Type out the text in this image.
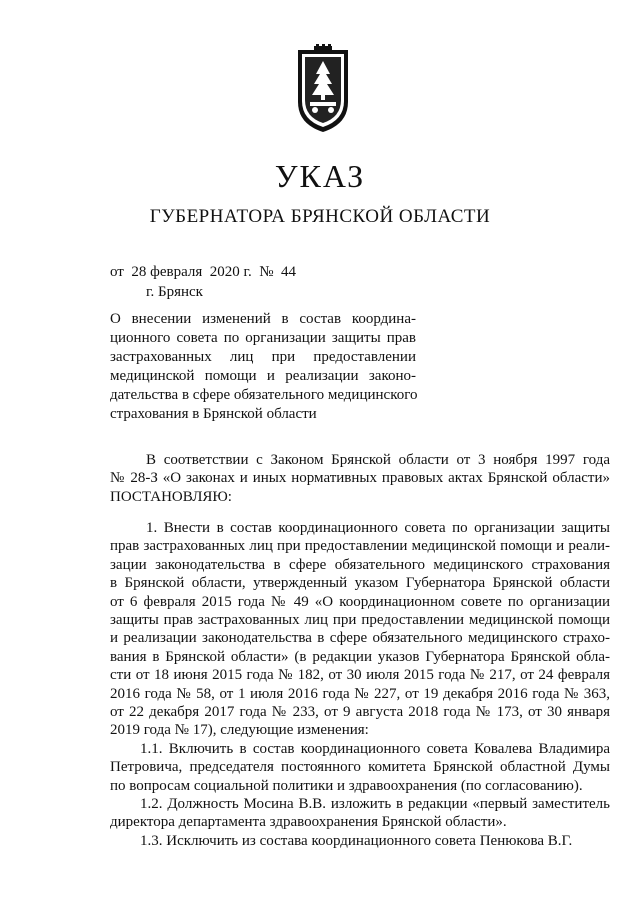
УКАЗ
ГУБЕРНАТОРА БРЯНСКОЙ ОБЛАСТИ
от 28 февраля  2020 г. № 44
г. Брянск
О внесении изменений в состав координа-
ционного совета по организации защиты прав
застрахованных лиц при предоставлении
медицинской помощи и реализации законо-
дательства в сфере обязательного медицинского
страхования в Брянской области
В соответствии с Законом Брянской области от 3 ноября 1997 года
№ 28-З «О законах и иных нормативных правовых актах Брянской области»
ПОСТАНОВЛЯЮ:
1. Внести в состав координационного совета по организации защиты
прав застрахованных лиц при предоставлении медицинской помощи и реали-
зации законодательства в сфере обязательного медицинского страхования
в Брянской области, утвержденный указом Губернатора Брянской области
от 6 февраля 2015 года № 49 «О координационном совете по организации
защиты прав застрахованных лиц при предоставлении медицинской помощи
и реализации законодательства в сфере обязательного медицинского страхо-
вания в Брянской области» (в редакции указов Губернатора Брянской обла-
сти от 18 июня 2015 года № 182, от 30 июля 2015 года № 217, от 24 февраля
2016 года № 58, от 1 июля 2016 года № 227, от 19 декабря 2016 года № 363,
от 22 декабря 2017 года № 233, от 9 августа 2018 года № 173, от 30 января
2019 года № 17), следующие изменения:
1.1. Включить в состав координационного совета Ковалева Владимира
Петровича, председателя постоянного комитета Брянской областной Думы
по вопросам социальной политики и здравоохранения (по согласованию).
1.2. Должность Мосина В.В. изложить в редакции «первый заместитель
директора департамента здравоохранения Брянской области».
1.3. Исключить из состава координационного совета Пенюкова В.Г.
